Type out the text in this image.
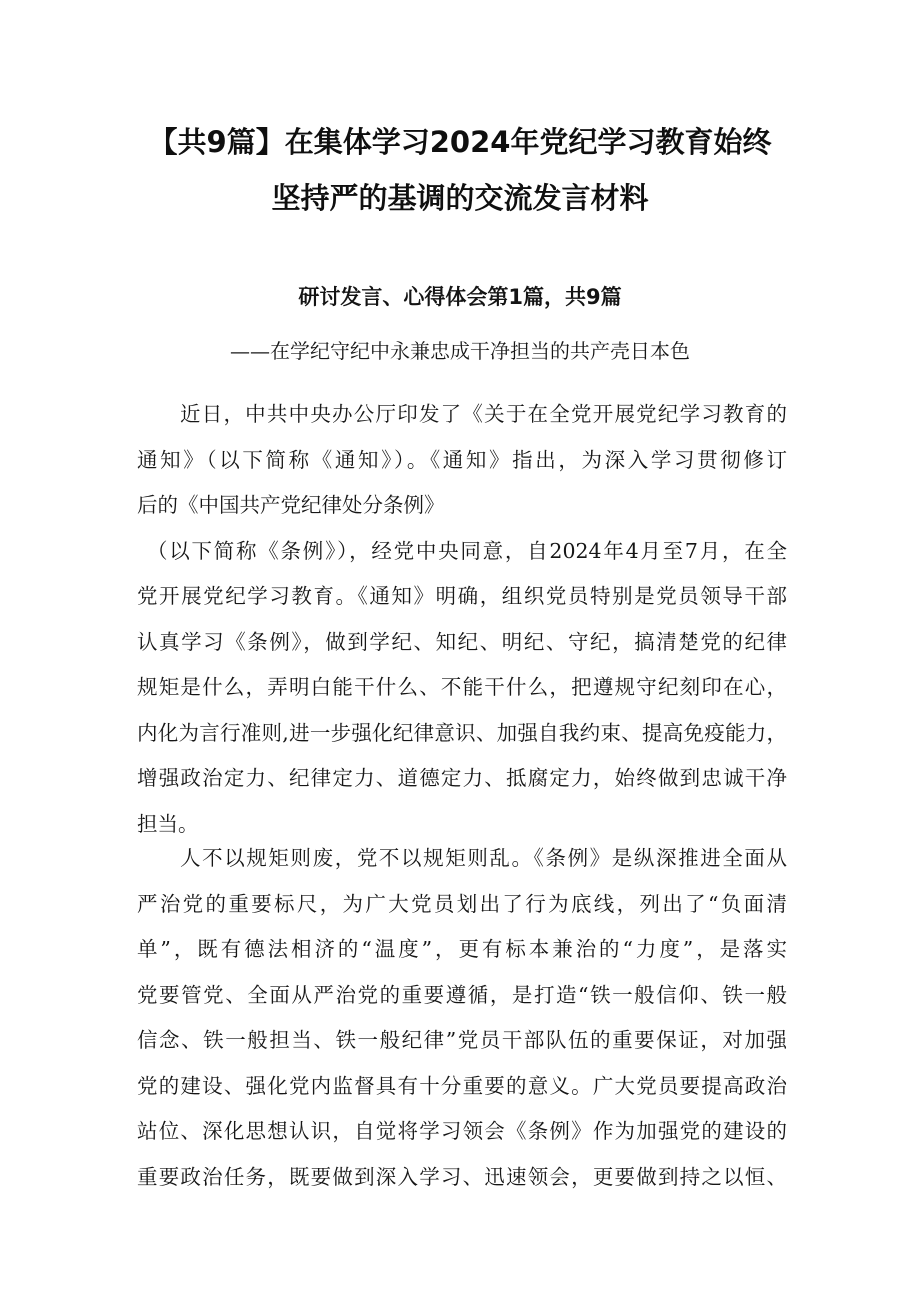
【共9篇】在集体学习2024年党纪学习教育始终
坚持严的基调的交流发言材料
研讨发言、心得体会第1篇，共9篇

——在学纪守纪中永兼忠成干净担当的共产壳日本色

近日，中共中央办公厅印发了《关于在全党开展党纪学习教育的
通知》（以下简称《通知》）。《通知》指出，为深入学习贯彻修订
后的《中国共产党纪律处分条例》
（以下简称《条例》），经党中央同意，自2024年4月至7月，在全
党开展党纪学习教育。《通知》明确，组织党员特别是党员领导干部
认真学习《条例》，做到学纪、知纪、明纪、守纪，搞清楚党的纪律
规矩是什么，弄明白能干什么、不能干什么，把遵规守纪刻印在心，
内化为言行准则,进一步强化纪律意识、加强自我约束、提高免疫能力，
增强政治定力、纪律定力、道德定力、抵腐定力，始终做到忠诚干净
担当。
人不以规矩则废，党不以规矩则乱。《条例》是纵深推进全面从
严治党的重要标尺，为广大党员划出了行为底线，列出了“负面清
单”，既有德法相济的“温度”，更有标本兼治的“力度”，是落实
党要管党、全面从严治党的重要遵循，是打造“铁一般信仰、铁一般
信念、铁一般担当、铁一般纪律”党员干部队伍的重要保证，对加强
党的建设、强化党内监督具有十分重要的意义。广大党员要提高政治
站位、深化思想认识，自觉将学习领会《条例》作为加强党的建设的
重要政治任务，既要做到深入学习、迅速领会，更要做到持之以恒、
